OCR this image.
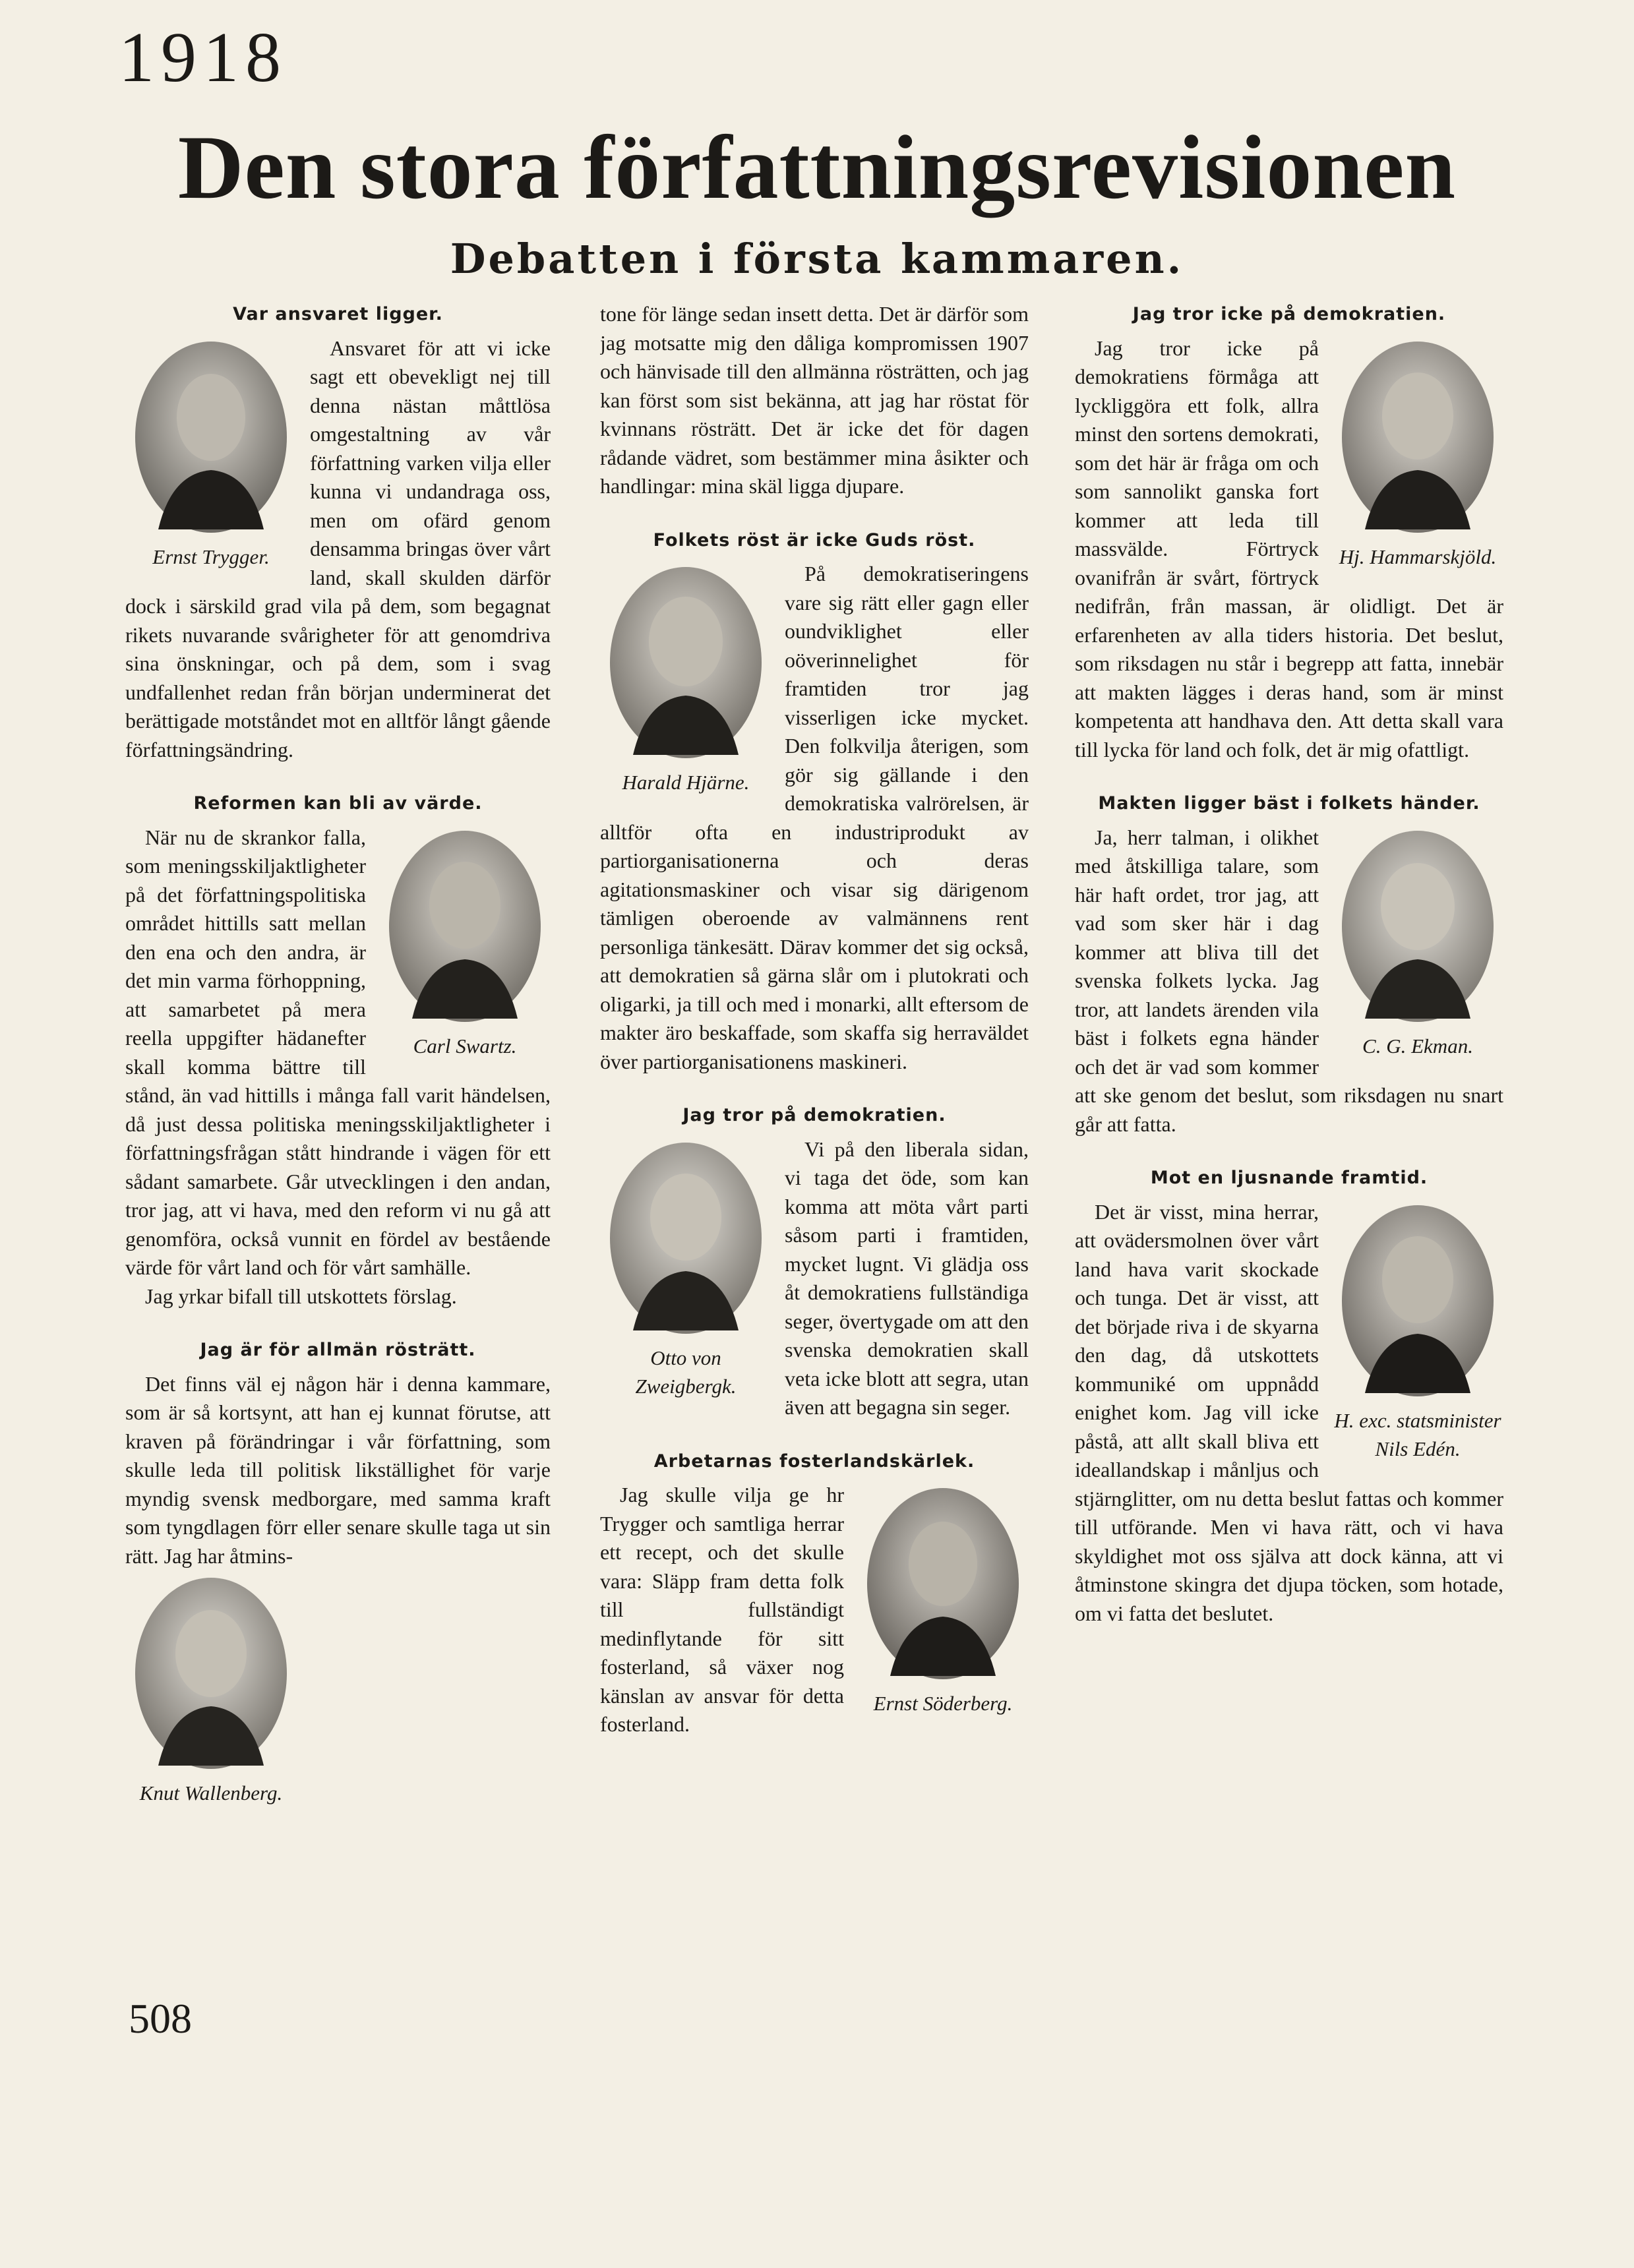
1918
Den stora författningsrevisionen
Debatten i första kammaren.
Var ansvaret ligger.
Ernst Trygger.

Ansvaret för att vi icke sagt ett obevekligt nej till denna nästan måttlösa omgestaltning av vår författning varken vilja eller kunna vi undandraga oss, men om ofärd genom densamma bringas över vårt land, skall skulden därför dock i särskild grad vila på dem, som begagnat rikets nuvarande svårigheter för att genomdriva sina önskningar, och på dem, som i svag undfallenhet redan från början underminerat det berättigade motståndet mot en alltför långt gående författningsändring.

Reformen kan bli av värde.
Carl Swartz.

När nu de skrankor falla, som meningsskiljaktligheter på det författningspolitiska området hittills satt mellan den ena och den andra, är det min varma förhoppning, att samarbetet på mera reella uppgifter hädanefter skall komma bättre till stånd, än vad hittills i många fall varit händelsen, då just dessa politiska meningsskiljaktligheter i författningsfrågan stått hindrande i vägen för ett sådant samarbete. Går utvecklingen i den andan, tror jag, att vi hava, med den reform vi nu gå att genomföra, också vunnit en fördel av bestående värde för vårt land och för vårt samhälle.

Jag yrkar bifall till utskottets förslag.

Jag är för allmän rösträtt.

Det finns väl ej någon här i denna kammare, som är så kortsynt, att han ej kunnat förutse, att kraven på förändringar i vår författning, som skulle leda till politisk likställighet för varje myndig svensk medborgare, med samma kraft som tyngdlagen förr eller senare skulle taga ut sin rätt. Jag har åtmins-

Knut Wallenberg.

tone för länge sedan insett detta. Det är därför som jag motsatte mig den dåliga kompromissen 1907 och hänvisade till den allmänna rösträtten, och jag kan först som sist bekänna, att jag har röstat för kvinnans rösträtt. Det är icke det för dagen rådande vädret, som bestämmer mina åsikter och handlingar: mina skäl ligga djupare.

Folkets röst är icke Guds röst.
Harald Hjärne.

På demokratiseringens vare sig rätt eller gagn eller oundviklighet eller oöverinnelighet för framtiden tror jag visserligen icke mycket. Den folkvilja återigen, som gör sig gällande i den demokratiska valrörelsen, är alltför ofta en industriprodukt av partiorganisationerna och deras agitationsmaskiner och visar sig därigenom tämligen oberoende av valmännens rent personliga tänkesätt. Därav kommer det sig också, att demokratien så gärna slår om i plutokrati och oligarki, ja till och med i monarki, allt eftersom de makter äro beskaffade, som skaffa sig herraväldet över partiorganisationens maskineri.

Jag tror på demokratien.
Otto von Zweigbergk.

Vi på den liberala sidan, vi taga det öde, som kan komma att möta vårt parti såsom parti i framtiden, mycket lugnt. Vi glädja oss åt demokratiens fullständiga seger, övertygade om att den svenska demokratien skall veta icke blott att segra, utan även att begagna sin seger.

Arbetarnas fosterlandskärlek.
Ernst Söderberg.

Jag skulle vilja ge hr Trygger och samtliga herrar ett recept, och det skulle vara: Släpp fram detta folk till fullständigt medinflytande för sitt fosterland, så växer nog känslan av ansvar för detta fosterland.

Jag tror icke på demokratien.
Hj. Hammarskjöld.

Jag tror icke på demokratiens förmåga att lyckliggöra ett folk, allra minst den sortens demokrati, som det här är fråga om och som sannolikt ganska fort kommer att leda till massvälde. Förtryck ovanifrån är svårt, förtryck nedifrån, från massan, är olidligt. Det är erfarenheten av alla tiders historia. Det beslut, som riksdagen nu står i begrepp att fatta, innebär att makten lägges i deras hand, som är minst kompetenta att handhava den. Att detta skall vara till lycka för land och folk, det är mig ofattligt.

Makten ligger bäst i folkets händer.
C. G. Ekman.

Ja, herr talman, i olikhet med åtskilliga talare, som här haft ordet, tror jag, att vad som sker här i dag kommer att bliva till det svenska folkets lycka. Jag tror, att landets ärenden vila bäst i folkets egna händer och det är vad som kommer att ske genom det beslut, som riksdagen nu snart går att fatta.

Mot en ljusnande framtid.
H. exc. statsminister Nils Edén.

Det är visst, mina herrar, att ovädersmolnen över vårt land hava varit skockade och tunga. Det är visst, att det började riva i de skyarna den dag, då utskottets kommuniké om uppnådd enighet kom. Jag vill icke påstå, att allt skall bliva ett ideallandskap i månljus och stjärnglitter, om nu detta beslut fattas och kommer till utförande. Men vi hava rätt, och vi hava skyldighet mot oss själva att dock känna, att vi åtminstone skingra det djupa töcken, som hotade, om vi fatta det beslutet.

508
